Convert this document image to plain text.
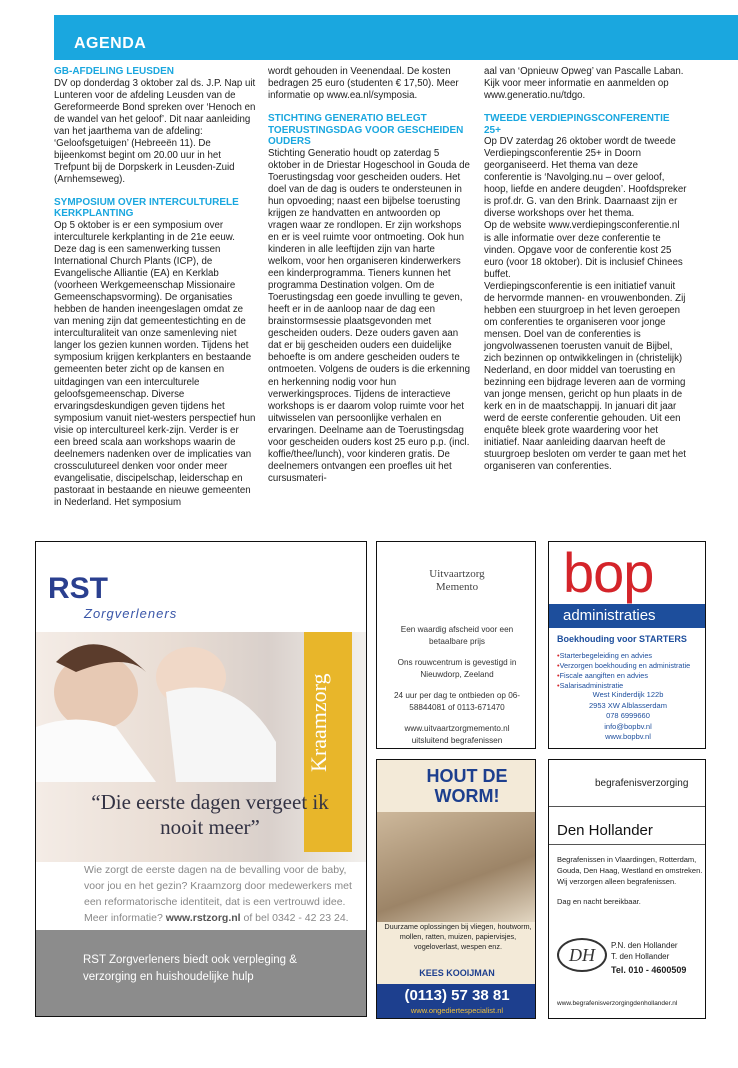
AGENDA
GB-AFDELING LEUSDEN

DV op donderdag 3 oktober zal ds. J.P. Nap uit Lunteren voor de afdeling Leusden van de Gereformeerde Bond spreken over ‘Henoch en de wandel van het geloof’. Dit naar aanleiding van het jaarthema van de afdeling: ‘Geloofsgetuigen’ (Hebreeën 11). De bijeenkomst begint om 20.00 uur in het Trefpunt bij de Dorpskerk in Leusden-Zuid (Arnhemseweg).

SYMPOSIUM OVER INTERCULTURELE KERKPLANTING

Op 5 oktober is er een symposium over interculturele kerkplanting in de 21e eeuw. Deze dag is een samenwerking tussen International Church Plants (ICP), de Evangelische Alliantie (EA) en Kerklab (voorheen Werkgemeenschap Missionaire Gemeenschapsvorming). De organisaties hebben de handen ineengeslagen omdat ze van mening zijn dat gemeentestichting en de interculturaliteit van onze samenleving niet langer los gezien kunnen worden. Tijdens het symposium krijgen kerkplanters en bestaande gemeenten beter zicht op de kansen en uitdagingen van een interculturele geloofsgemeenschap. Diverse ervaringsdeskundigen geven tijdens het symposium vanuit niet-westers perspectief hun visie op intercultureel kerk-zijn. Verder is er een breed scala aan workshops waarin de deelnemers nadenken over de implicaties van crossculutureel denken voor onder meer evangelisatie, discipelschap, leiderschap en pastoraat in bestaande en nieuwe gemeenten in Nederland. Het symposium

wordt gehouden in Veenendaal. De kosten bedragen 25 euro (studenten € 17,50). Meer informatie op www.ea.nl/symposia.

STICHTING GENERATIO BELEGT TOERUSTINGSDAG VOOR GESCHEIDEN OUDERS

Stichting Generatio houdt op zaterdag 5 oktober in de Driestar Hogeschool in Gouda de Toerustingsdag voor gescheiden ouders. Het doel van de dag is ouders te ondersteunen in hun opvoeding; naast een bijbelse toerusting krijgen ze handvatten en antwoorden op vragen waar ze rondlopen. Er zijn workshops en er is veel ruimte voor ontmoeting. Ook hun kinderen in alle leeftijden zijn van harte welkom, voor hen organiseren kinderwerkers een kinderprogramma. Tieners kunnen het programma Destination volgen. Om de Toerustingsdag een goede invulling te geven, heeft er in de aanloop naar de dag een brainstormsessie plaatsgevonden met gescheiden ouders. Deze ouders gaven aan dat er bij gescheiden ouders een duidelijke behoefte is om andere gescheiden ouders te ontmoeten. Volgens de ouders is die erkenning en herkenning nodig voor hun verwerkingsproces. Tijdens de interactieve workshops is er daarom volop ruimte voor het uitwisselen van persoonlijke verhalen en ervaringen. Deelname aan de Toerustingsdag voor gescheiden ouders kost 25 euro p.p. (incl. koffie/thee/lunch), voor kinderen gratis. De deelnemers ontvangen een proefles uit het cursusmateri-

aal van ‘Opnieuw Opweg’ van Pascalle Laban. Kijk voor meer informatie en aanmelden op www.generatio.nu/tdgo.

TWEEDE VERDIEPINGSCONFERENTIE 25+

Op DV zaterdag 26 oktober wordt de tweede Verdiepingsconferentie 25+ in Doorn georganiseerd. Het thema van deze conferentie is ‘Navolging.nu – over geloof, hoop, liefde en andere deugden’. Hoofdspreker is prof.dr. G. van den Brink. Daarnaast zijn er diverse workshops over het thema.

Op de website www.verdiepingsconferentie.nl is alle informatie over deze conferentie te vinden. Opgave voor de conferentie kost 25 euro (voor 18 oktober). Dit is inclusief Chinees buffet.

Verdiepingsconferentie is een initiatief vanuit de hervormde mannen- en vrouwenbonden. Zij hebben een stuurgroep in het leven geroepen om conferenties te organiseren voor jonge mensen. Doel van de conferenties is jongvolwassenen toerusten vanuit de Bijbel, zich bezinnen op ontwikkelingen in (christelijk) Nederland, en door middel van toerusting en bezinning een bijdrage leveren aan de vorming van jonge mensen, gericht op hun plaats in de kerk en in de maatschappij. In januari dit jaar werd de eerste conferentie gehouden. Uit een enquête bleek grote waardering voor het initiatief. Naar aanleiding daarvan heeft de stuurgroep besloten om verder te gaan met het organiseren van conferenties.

RST
Zorgverleners
Kraamzorg
“Die eerste dagen vergeet ik nooit meer”
Wie zorgt de eerste dagen na de bevalling voor de baby, voor jou en het gezin? Kraamzorg door medewerkers met een reformatorische identiteit, dat is een vertrouwd idee. Meer informatie? www.rstzorg.nl of bel 0342 - 42 23 24.
RST Zorgverleners biedt ook verpleging & verzorging en huishoudelijke hulp
Uitvaartzorg
Memento

Een waardig afscheid voor een betaalbare prijs

Ons rouwcentrum is gevestigd in Nieuwdorp, Zeeland

24 uur per dag te ontbieden op 06-58844081 of 0113-671470

www.uitvaartzorgmemento.nl uitsluitend begrafenissen

bop
administraties
Boekhouding voor STARTERS
• Starterbegeleiding en advies
• Verzorgen boekhouding en administratie
• Fiscale aangiften en advies
• Salarisadministratie
West Kinderdijk 122b
2953 XW Alblasserdam
078 6999660
info@bopbv.nl
www.bopbv.nl
HOUT DE WORM!
Duurzame oplossingen bij vliegen, houtworm, mollen, ratten, muizen, papiervisjes, vogeloverlast, wespen enz.
KEES KOOIJMAN
(0113) 57 38 81
www.ongediertespecialist.nl
begrafenisverzorging
Den Hollander

Begrafenissen in Vlaardingen, Rotterdam, Gouda, Den Haag, Westland en omstreken. Wij verzorgen alleen begrafenissen.

Dag en nacht bereikbaar.

DH P.N. den Hollander
T. den Hollander
Tel. 010 - 4600509
www.begrafenisverzorgingdenhollander.nl
